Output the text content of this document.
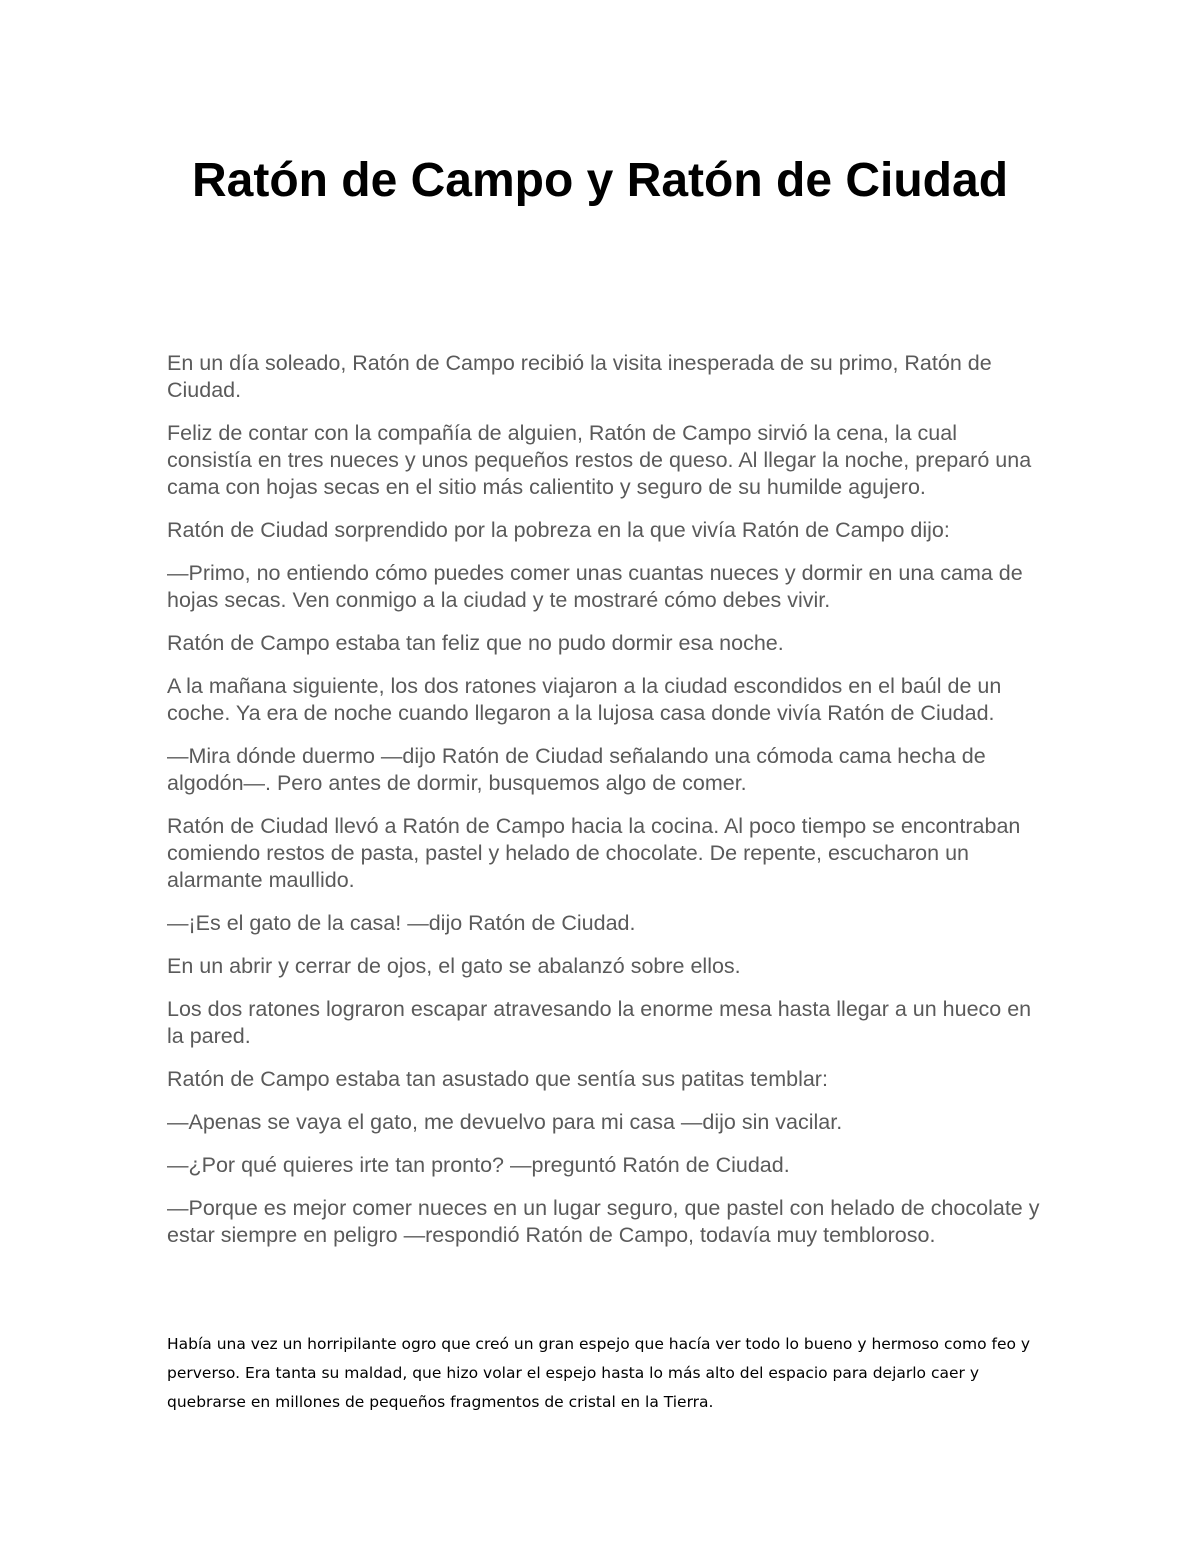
Ratón de Campo y Ratón de Ciudad

En un día soleado, Ratón de Campo recibió la visita inesperada de su primo, Ratón de Ciudad.

Feliz de contar con la compañía de alguien, Ratón de Campo sirvió la cena, la cual consistía en tres nueces y unos pequeños restos de queso. Al llegar la noche, preparó una cama con hojas secas en el sitio más calientito y seguro de su humilde agujero.

Ratón de Ciudad sorprendido por la pobreza en la que vivía Ratón de Campo dijo:

—Primo, no entiendo cómo puedes comer unas cuantas nueces y dormir en una cama de hojas secas. Ven conmigo a la ciudad y te mostraré cómo debes vivir.

Ratón de Campo estaba tan feliz que no pudo dormir esa noche.

A la mañana siguiente, los dos ratones viajaron a la ciudad escondidos en el baúl de un coche. Ya era de noche cuando llegaron a la lujosa casa donde vivía Ratón de Ciudad.

—Mira dónde duermo —dijo Ratón de Ciudad señalando una cómoda cama hecha de algodón—. Pero antes de dormir, busquemos algo de comer.

Ratón de Ciudad llevó a Ratón de Campo hacia la cocina. Al poco tiempo se encontraban comiendo restos de pasta, pastel y helado de chocolate. De repente, escucharon un alarmante maullido.

—¡Es el gato de la casa! —dijo Ratón de Ciudad.

En un abrir y cerrar de ojos, el gato se abalanzó sobre ellos.

Los dos ratones lograron escapar atravesando la enorme mesa hasta llegar a un hueco en la pared.

Ratón de Campo estaba tan asustado que sentía sus patitas temblar:

—Apenas se vaya el gato, me devuelvo para mi casa —dijo sin vacilar.

—¿Por qué quieres irte tan pronto? —preguntó Ratón de Ciudad.

—Porque es mejor comer nueces en un lugar seguro, que pastel con helado de chocolate y estar siempre en peligro —respondió Ratón de Campo, todavía muy tembloroso.

Había una vez un horripilante ogro que creó un gran espejo que hacía ver todo lo bueno y hermoso como feo y perverso. Era tanta su maldad, que hizo volar el espejo hasta lo más alto del espacio para dejarlo caer y quebrarse en millones de pequeños fragmentos de cristal en la Tierra.
